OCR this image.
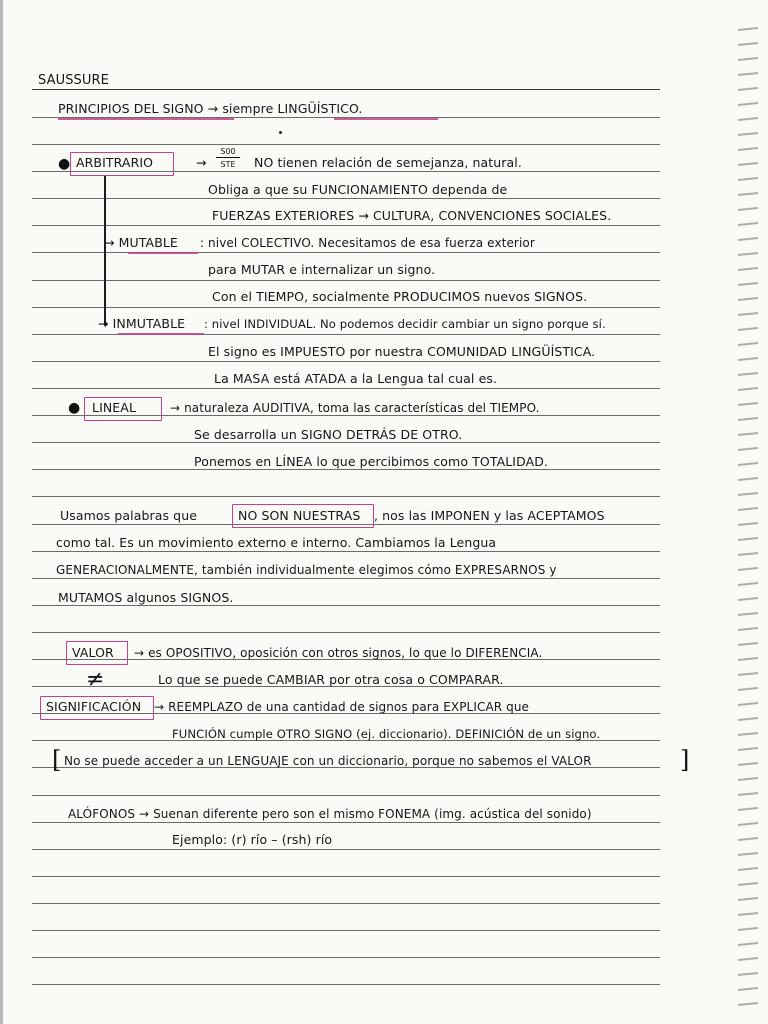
SAUSSURE
PRINCIPIOS DEL SIGNO → siempre LINGÜÍSTICO.
● ARBITRARIO	→
S00
STE	NO tienen relación de semejanza, natural.
Obliga a que su FUNCIONAMIENTO dependa de
FUERZAS EXTERIORES → CULTURA, CONVENCIONES SOCIALES.
→ MUTABLE : nivel COLECTIVO. Necesitamos de esa fuerza exterior
para MUTAR e internalizar un signo.
Con el TIEMPO, socialmente PRODUCIMOS nuevos SIGNOS.
→ INMUTABLE : nivel INDIVIDUAL. No podemos decidir cambiar un signo porque sí.
El signo es IMPUESTO por nuestra COMUNIDAD LINGÜÍSTICA.
La MASA está ATADA a la Lengua tal cual es.
● LINEAL	→ naturaleza AUDITIVA, toma las características del TIEMPO.
Se desarrolla un SIGNO DETRÁS DE OTRO.
Ponemos en LÍNEA lo que percibimos como TOTALIDAD.
Usamos palabras que	NO SON NUESTRAS , nos las IMPONEN y las ACEPTAMOS
como tal. Es un movimiento externo e interno. Cambiamos la Lengua
GENERACIONALMENTE, también individualmente elegimos cómo EXPRESARNOS y
MUTAMOS algunos SIGNOS.
VALOR → es OPOSITIVO, oposición con otros signos, lo que lo DIFERENCIA.
≠	Lo que se puede CAMBIAR por otra cosa o COMPARAR.
SIGNIFICACIÓN → REEMPLAZO de una cantidad de signos para EXPLICAR que
FUNCIÓN cumple OTRO SIGNO (ej. diccionario). DEFINICIÓN de un signo.
[ No se puede acceder a un LENGUAJE con un diccionario, porque no sabemos el VALOR	]
ALÓFONOS → Suenan diferente pero son el mismo FONEMA (img. acústica del sonido)
Ejemplo: (r) río – (rsh) río
